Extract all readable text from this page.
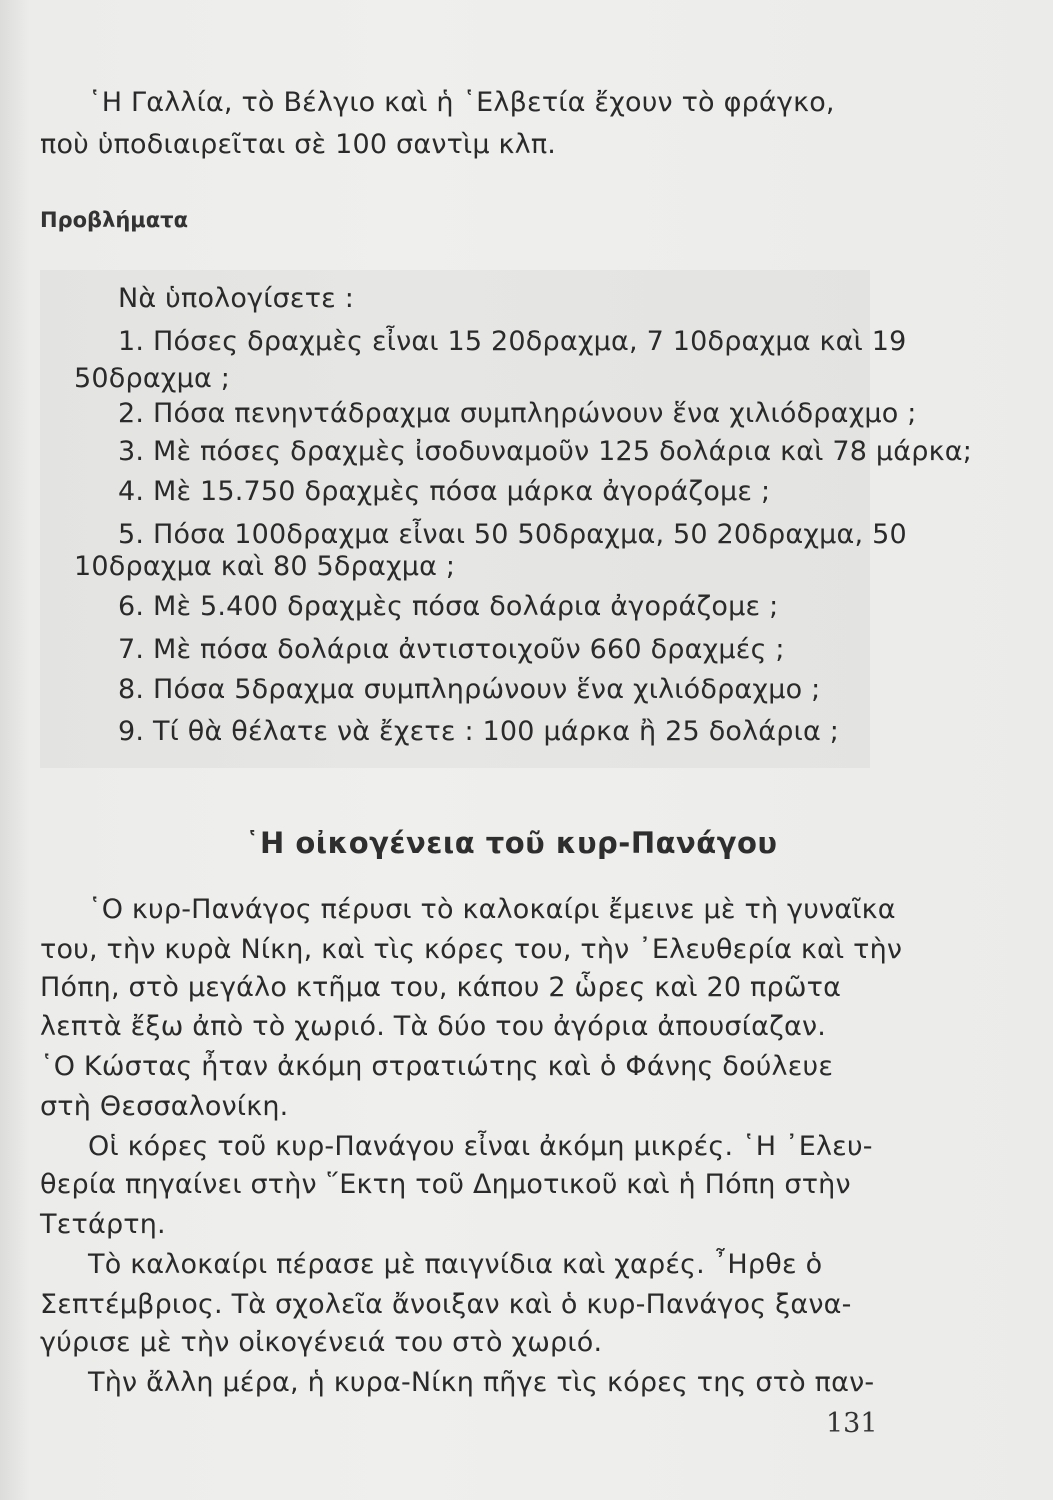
῾Η Γαλλία, τὸ Βέλγιο καὶ ἡ ῾Ελβετία ἔχουν τὸ φράγκο,
ποὺ ὑποδιαιρεῖται σὲ 100 σαντὶμ κλπ.
Προβλήματα
Νὰ ὑπολογίσετε :
1. Πόσες δραχμὲς εἶναι 15 20δραχμα, 7 10δραχμα καὶ 19
50δραχμα ;
2. Πόσα πενηντάδραχμα συμπληρώνουν ἕνα χιλιόδραχμο ;
3. Μὲ πόσες δραχμὲς ἰσοδυναμοῦν 125 δολάρια καὶ 78 μάρκα;
4. Μὲ 15.750 δραχμὲς πόσα μάρκα ἀγοράζομε ;
5. Πόσα 100δραχμα εἶναι 50 50δραχμα, 50 20δραχμα, 50
10δραχμα καὶ 80 5δραχμα ;
6. Μὲ 5.400 δραχμὲς πόσα δολάρια ἀγοράζομε ;
7. Μὲ πόσα δολάρια ἀντιστοιχοῦν 660 δραχμές ;
8. Πόσα 5δραχμα συμπληρώνουν ἕνα χιλιόδραχμο ;
9. Τί θὰ θέλατε νὰ ἔχετε : 100 μάρκα ἢ 25 δολάρια ;
῾Η οἰκογένεια τοῦ κυρ-Πανάγου
῾Ο κυρ-Πανάγος πέρυσι τὸ καλοκαίρι ἔμεινε μὲ τὴ γυναῖκα
του, τὴν κυρὰ Νίκη, καὶ τὶς κόρες του, τὴν ᾿Ελευθερία καὶ τὴν
Πόπη, στὸ μεγάλο κτῆμα του, κάπου 2 ὧρες καὶ 20 πρῶτα
λεπτὰ ἔξω ἀπὸ τὸ χωριό. Τὰ δύο του ἀγόρια ἀπουσίαζαν.
῾Ο Κώστας ἦταν ἀκόμη στρατιώτης καὶ ὁ Φάνης δούλευε
στὴ Θεσσαλονίκη.
Οἱ κόρες τοῦ κυρ-Πανάγου εἶναι ἀκόμη μικρές. ῾Η ᾿Ελευ-
θερία πηγαίνει στὴν ῞Εκτη τοῦ Δημοτικοῦ καὶ ἡ Πόπη στὴν
Τετάρτη.
Τὸ καλοκαίρι πέρασε μὲ παιγνίδια καὶ χαρές. ῏Ηρθε ὁ
Σεπτέμβριος. Τὰ σχολεῖα ἄνοιξαν καὶ ὁ κυρ-Πανάγος ξανα-
γύρισε μὲ τὴν οἰκογένειά του στὸ χωριό.
Τὴν ἄλλη μέρα, ἡ κυρα-Νίκη πῆγε τὶς κόρες της στὸ παν-
131
